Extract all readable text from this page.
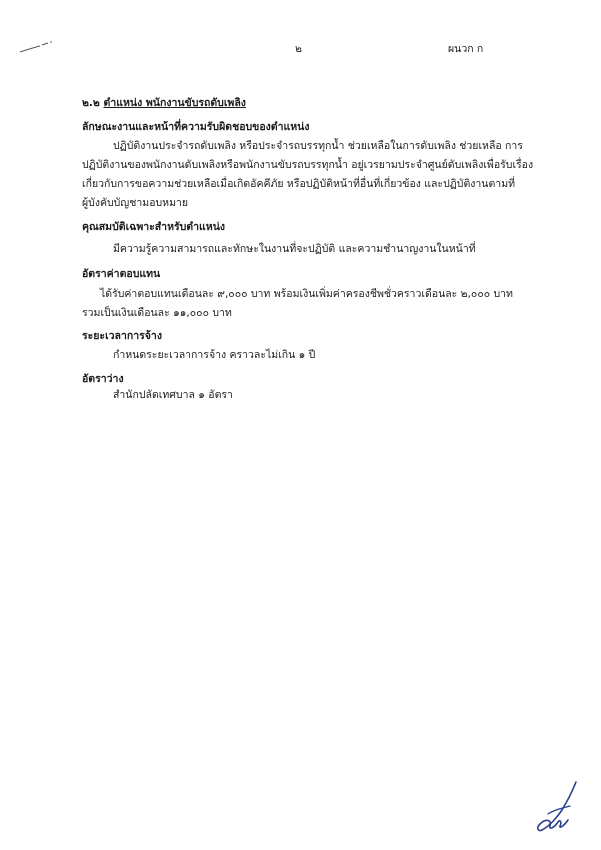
๒	ผนวก ก
๒.๒ ตำแหน่ง พนักงานขับรถดับเพลิง
ลักษณะงานและหน้าที่ความรับผิดชอบของตำแหน่ง
ปฏิบัติงานประจำรถดับเพลิง หรือประจำรถบรรทุกน้ำ ช่วยเหลือในการดับเพลิง ช่วยเหลือ การ
ปฏิบัติงานของพนักงานดับเพลิงหรือพนักงานขับรถบรรทุกน้ำ อยู่เวรยามประจำศูนย์ดับเพลิงเพื่อรับเรื่อง
เกี่ยวกับการขอความช่วยเหลือเมื่อเกิดอัคคีภัย หรือปฏิบัติหน้าที่อื่นที่เกี่ยวข้อง และปฏิบัติงานตามที่
ผู้บังคับบัญชามอบหมาย
คุณสมบัติเฉพาะสำหรับตำแหน่ง
มีความรู้ความสามารถและทักษะในงานที่จะปฏิบัติ และความชำนาญงานในหน้าที่
อัตราค่าตอบแทน
ได้รับค่าตอบแทนเดือนละ ๙,๐๐๐ บาท พร้อมเงินเพิ่มค่าครองชีพชั่วคราวเดือนละ ๒,๐๐๐ บาท
รวมเป็นเงินเดือนละ ๑๑,๐๐๐ บาท
ระยะเวลาการจ้าง
กำหนดระยะเวลาการจ้าง คราวละไม่เกิน ๑ ปี
อัตราว่าง
สำนักปลัดเทศบาล ๑ อัตรา
